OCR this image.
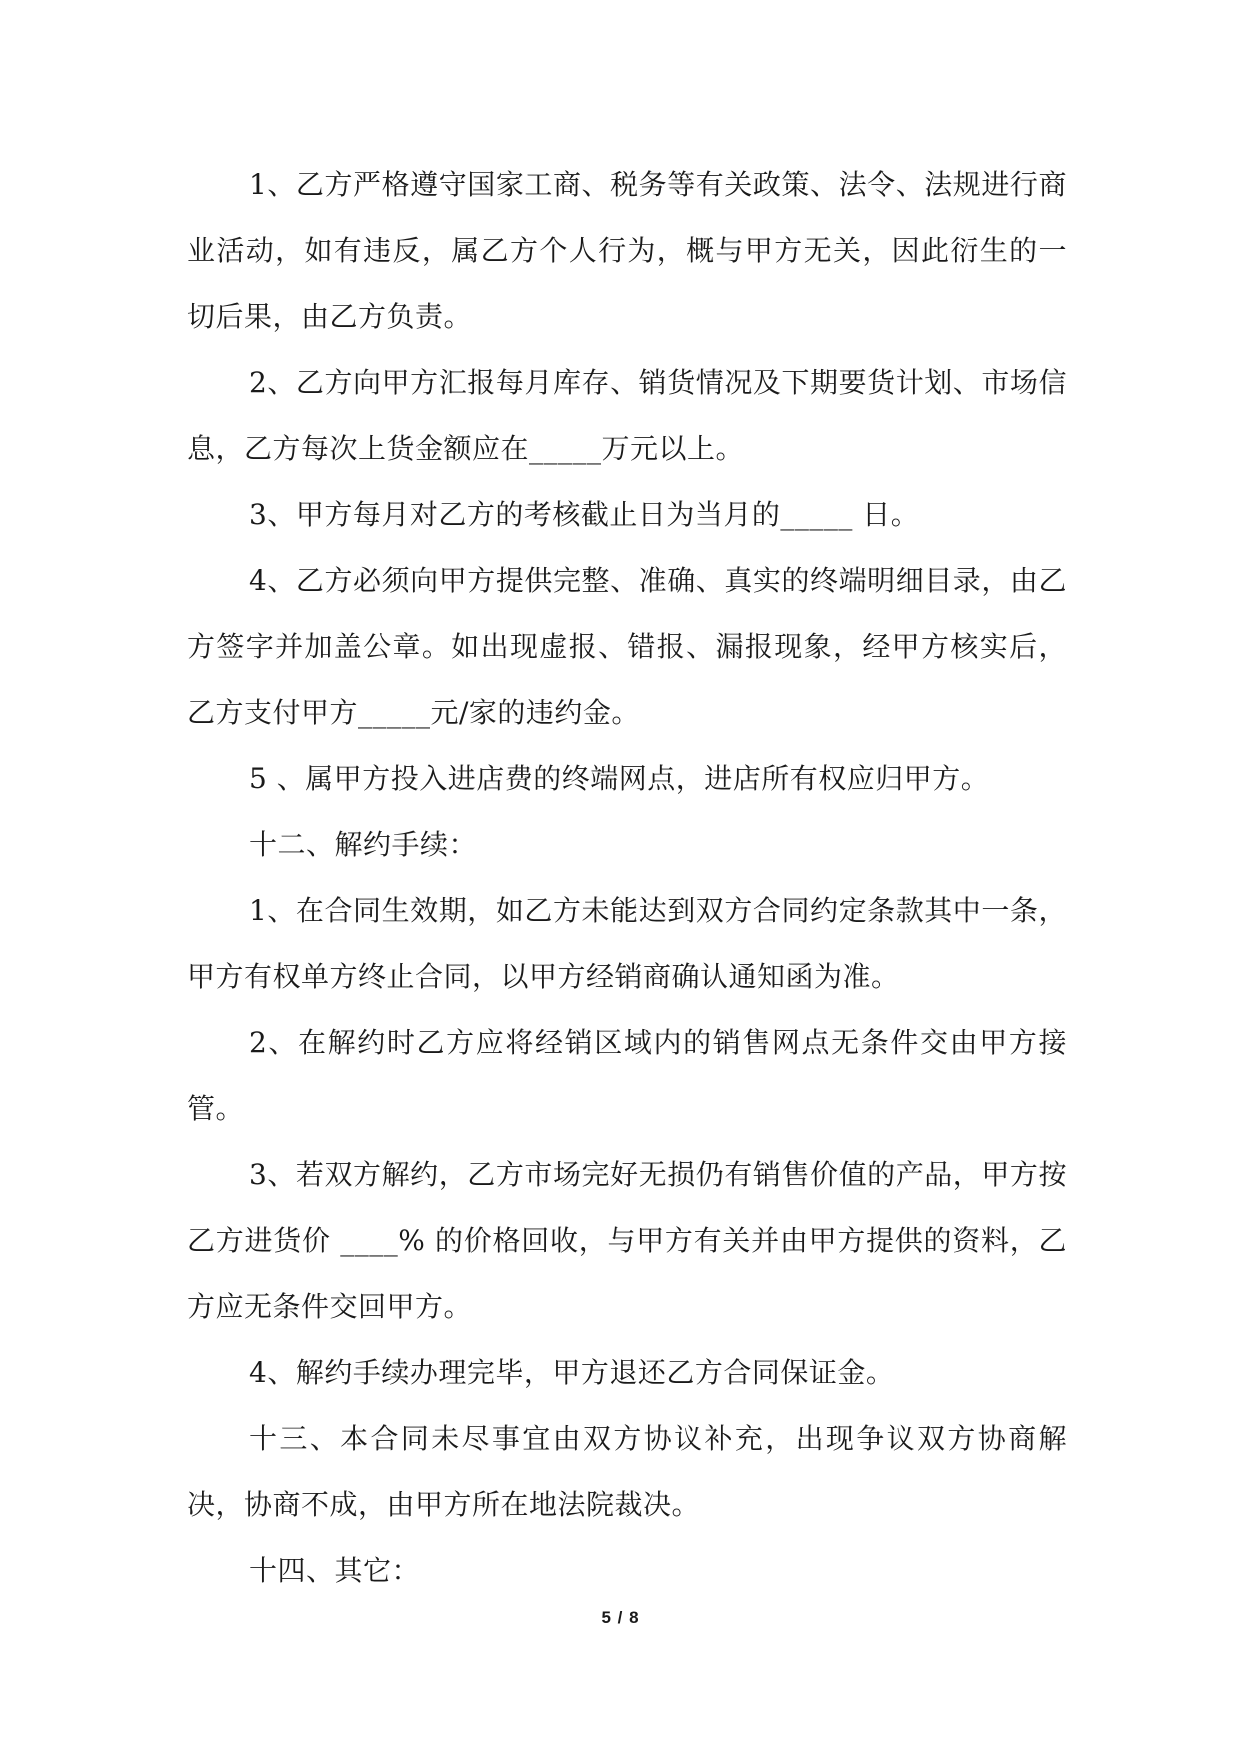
1、乙方严格遵守国家工商、税务等有关政策、法令、法规进行商业活动，如有违反，属乙方个人行为，概与甲方无关，因此衍生的一切后果，由乙方负责。

2、乙方向甲方汇报每月库存、销货情况及下期要货计划、市场信息，乙方每次上货金额应在_____万元以上。

3、甲方每月对乙方的考核截止日为当月的_____ 日。

4、乙方必须向甲方提供完整、准确、真实的终端明细目录，由乙方签字并加盖公章。如出现虚报、错报、漏报现象，经甲方核实后，乙方支付甲方_____元/家的违约金。

5 、属甲方投入进店费的终端网点，进店所有权应归甲方。

十二、解约手续：

1、在合同生效期，如乙方未能达到双方合同约定条款其中一条，甲方有权单方终止合同，以甲方经销商确认通知函为准。

2、在解约时乙方应将经销区域内的销售网点无条件交由甲方接管。

3、若双方解约，乙方市场完好无损仍有销售价值的产品，甲方按乙方进货价 ____% 的价格回收，与甲方有关并由甲方提供的资料，乙方应无条件交回甲方。

4、解约手续办理完毕，甲方退还乙方合同保证金。

十三、本合同未尽事宜由双方协议补充，出现争议双方协商解决，协商不成，由甲方所在地法院裁决。

十四、其它：

5 / 8
